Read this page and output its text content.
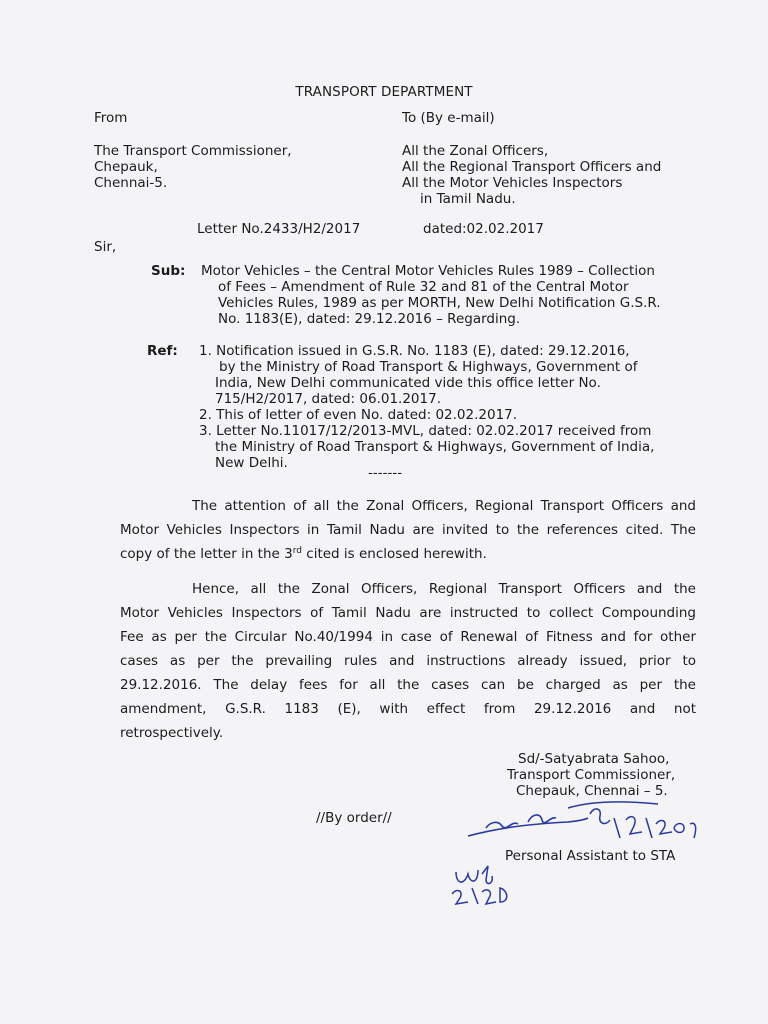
TRANSPORT DEPARTMENT
From
The Transport Commissioner,
Chepauk,
Chennai-5.
To (By e-mail)
All the Zonal Officers,
All the Regional Transport Officers and
All the Motor Vehicles Inspectors
in Tamil Nadu.
Letter No.2433/H2/2017	dated:02.02.2017
Sir,
Sub: Motor Vehicles – the Central Motor Vehicles Rules 1989 – Collection
of Fees – Amendment of Rule 32 and 81 of the Central Motor
Vehicles Rules, 1989 as per MORTH, New Delhi Notification G.S.R.
No. 1183(E), dated: 29.12.2016 – Regarding.
Ref: 1. Notification issued in G.S.R. No. 1183 (E), dated: 29.12.2016,
by the Ministry of Road Transport & Highways, Government of
India, New Delhi communicated vide this office letter No.
715/H2/2017, dated: 06.01.2017.
2. This of letter of even No. dated: 02.02.2017.
3. Letter No.11017/12/2013-MVL, dated: 02.02.2017 received from
the Ministry of Road Transport & Highways, Government of India,
New Delhi.
-------
The attention of all the Zonal Officers, Regional Transport Officers and
Motor Vehicles Inspectors in Tamil Nadu are invited to the references cited. The
copy of the letter in the 3rd cited is enclosed herewith.
Hence, all the Zonal Officers, Regional Transport Officers and the
Motor Vehicles Inspectors of Tamil Nadu are instructed to collect Compounding
Fee as per the Circular No.40/1994 in case of Renewal of Fitness and for other
cases as per the prevailing rules and instructions already issued, prior to
29.12.2016. The delay fees for all the cases can be charged as per the
amendment, G.S.R. 1183 (E), with effect from 29.12.2016 and not
retrospectively.
Sd/-Satyabrata Sahoo,
Transport Commissioner,
Chepauk, Chennai – 5.
//By order//
Personal Assistant to STA
